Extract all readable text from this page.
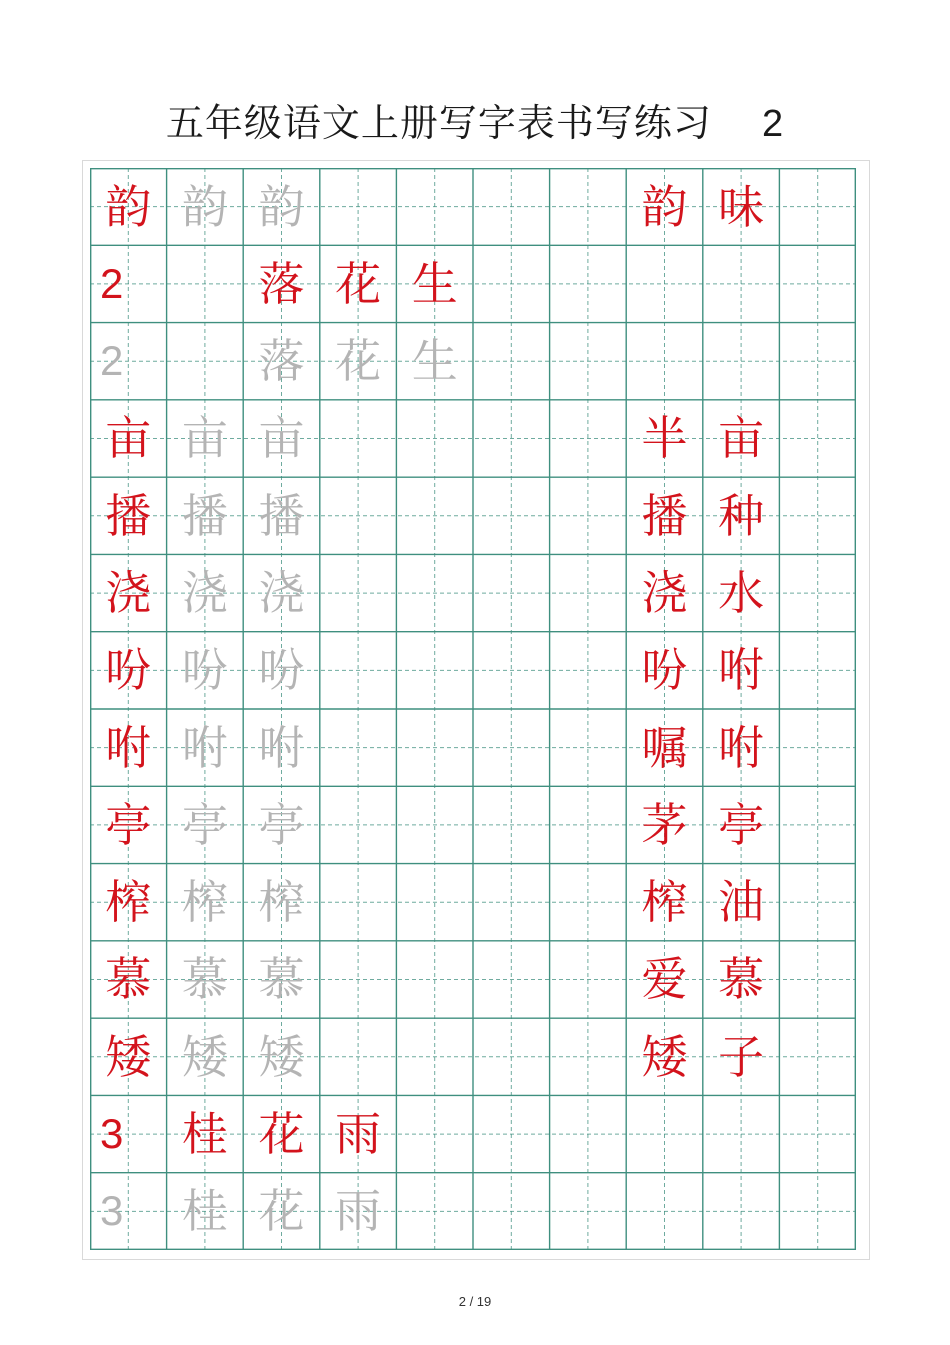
五年级语文上册写字表书写练习 2
韵 韵 韵	韵 味
2	落 花 生
2	落 花 生
亩 亩 亩	半 亩
播 播 播	播 种
浇 浇 浇	浇 水
吩 吩 吩	吩 咐
咐 咐 咐	嘱 咐
亭 亭 亭	茅 亭
榨 榨 榨	榨 油
慕 慕 慕	爱 慕
矮 矮 矮	矮 子
3	桂 花 雨
3	桂 花 雨
2 / 19
